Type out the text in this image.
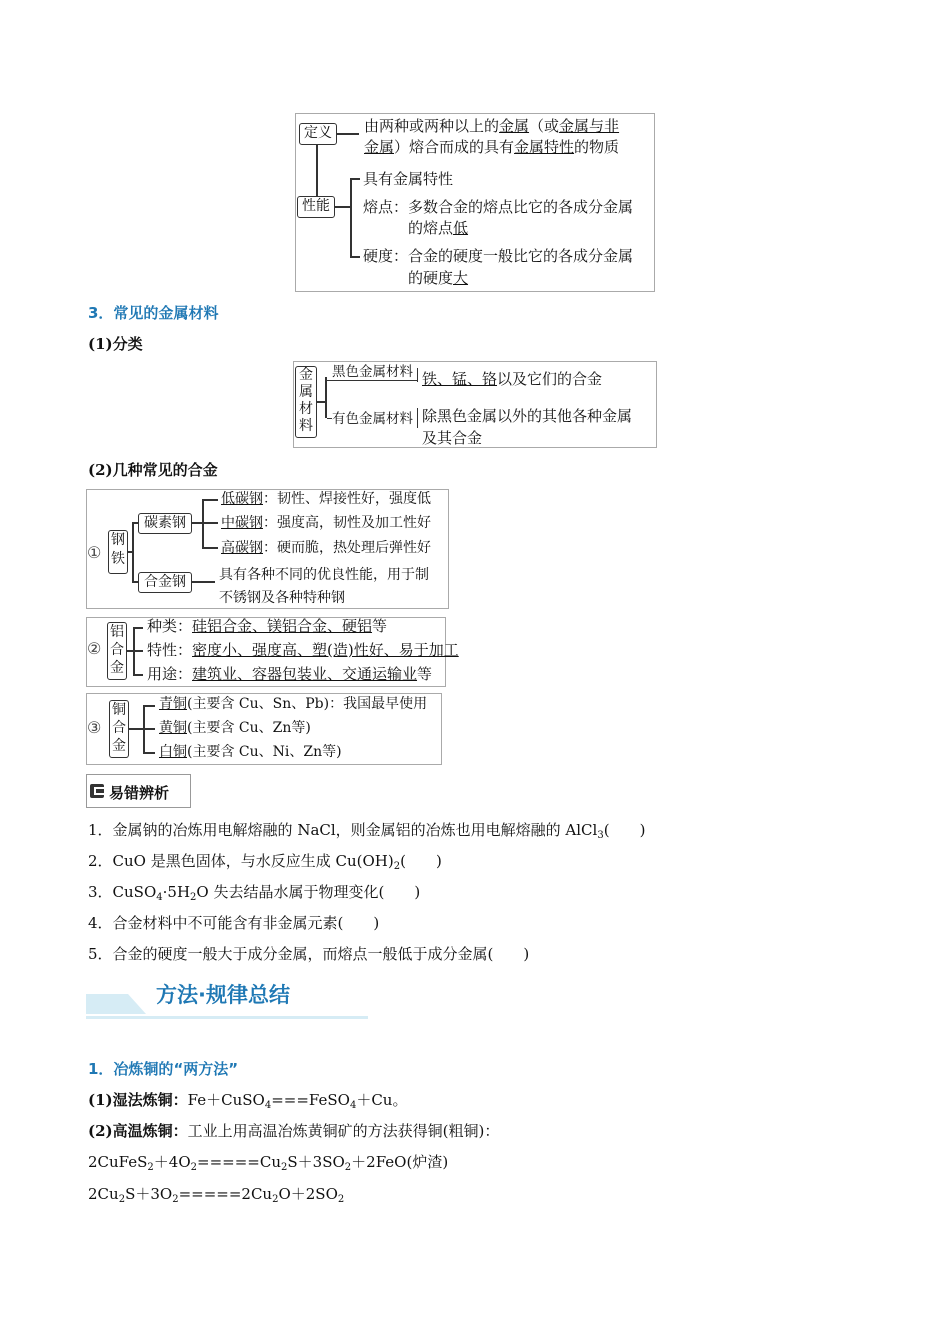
定义	由两种或两种以上的金属（或金属与非
金属）熔合而成的具有金属特性的物质
性能
具有金属特性
熔点：多数合金的熔点比它的各成分金属
的熔点低
硬度：合金的硬度一般比它的各成分金属
的硬度大
3．常见的金属材料
(1)分类
金
属
材
料
黑色金属材料 铁、锰、铬以及它们的合金
有色金属材料 除黑色金属以外的其他各种金属
及其合金
(2)几种常见的合金
①
钢
铁
碳素钢
低碳钢：韧性、焊接性好，强度低
中碳钢：强度高，韧性及加工性好
高碳钢：硬而脆，热处理后弹性好
合金钢	具有各种不同的优良性能，用于制
不锈钢及各种特种钢
②
铝
合
金
种类：硅铝合金、镁铝合金、硬铝等
特性：密度小、强度高、塑(造)性好、易于加工
用途：建筑业、容器包装业、交通运输业等
③
铜
合
金
青铜(主要含 Cu、Sn、Pb)：我国最早使用
黄铜(主要含 Cu、Zn等)
白铜(主要含 Cu、Ni、Zn等)
易错辨析
1．金属钠的冶炼用电解熔融的 NaCl，则金属铝的冶炼也用电解熔融的 AlCl$_3$(　　)
2．CuO 是黑色固体，与水反应生成 $Cu(OH)_2$(　　)
3．$CuSO_4\cdot 5H_2O$ 失去结晶水属于物理变化(　　)
4．合金材料中不可能含有非金属元素(　　)
5．合金的硬度一般大于成分金属，而熔点一般低于成分金属(　　)
方法·规律总结
1．冶炼铜的“两方法”
(1)湿法炼铜：Fe＋CuSO$_4$===FeSO$_4$＋Cu。
(2)高温炼铜：工业上用高温冶炼黄铜矿的方法获得铜(粗铜)：
$2CuFeS_2+4O_2=====Cu_2S+3SO_2+2FeO$(炉渣)
$2Cu_2S+3O_2=====2Cu_2O+2SO_2$
